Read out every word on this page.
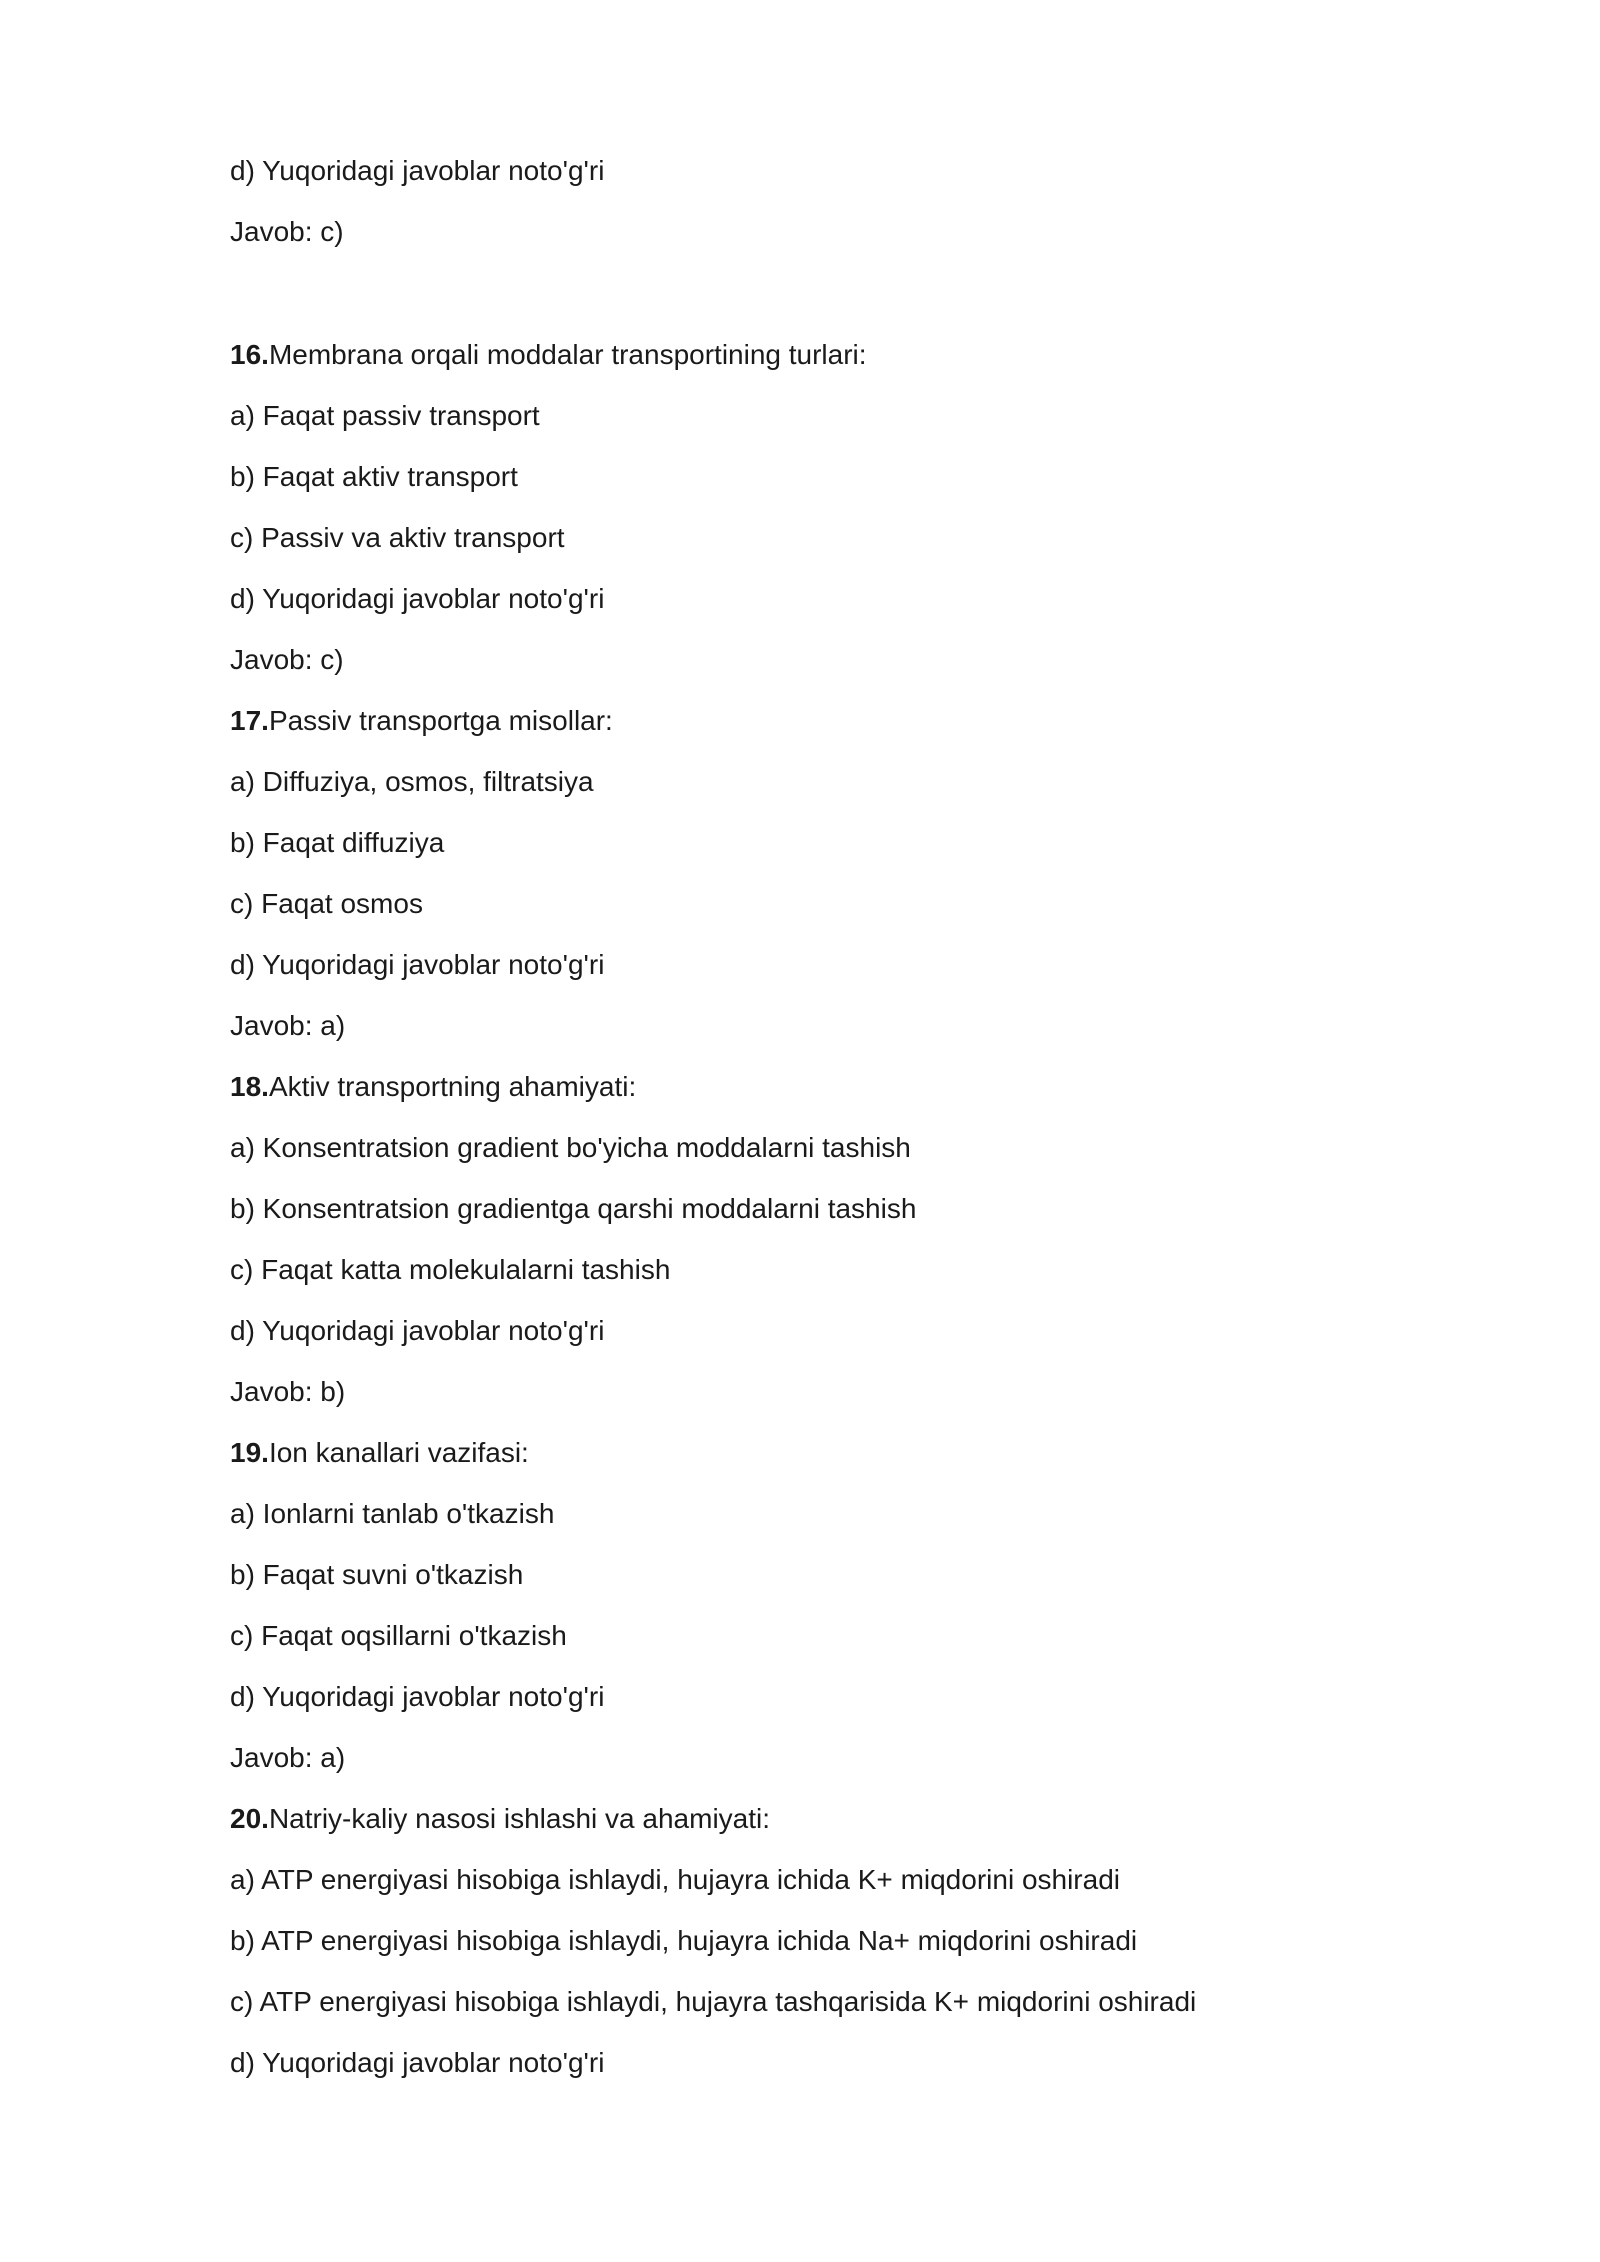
d) Yuqoridagi javoblar noto'g'ri
Javob: c)
16.Membrana orqali moddalar transportining turlari:
a) Faqat passiv transport
b) Faqat aktiv transport
c) Passiv va aktiv transport
d) Yuqoridagi javoblar noto'g'ri
Javob: c)
17.Passiv transportga misollar:
a) Diffuziya, osmos, filtratsiya
b) Faqat diffuziya
c) Faqat osmos
d) Yuqoridagi javoblar noto'g'ri
Javob: a)
18.Aktiv transportning ahamiyati:
a) Konsentratsion gradient bo'yicha moddalarni tashish
b) Konsentratsion gradientga qarshi moddalarni tashish
c) Faqat katta molekulalarni tashish
d) Yuqoridagi javoblar noto'g'ri
Javob: b)
19.Ion kanallari vazifasi:
a) Ionlarni tanlab o'tkazish
b) Faqat suvni o'tkazish
c) Faqat oqsillarni o'tkazish
d) Yuqoridagi javoblar noto'g'ri
Javob: a)
20.Natriy-kaliy nasosi ishlashi va ahamiyati:
a) ATP energiyasi hisobiga ishlaydi, hujayra ichida K+ miqdorini oshiradi
b) ATP energiyasi hisobiga ishlaydi, hujayra ichida Na+ miqdorini oshiradi
c) ATP energiyasi hisobiga ishlaydi, hujayra tashqarisida K+ miqdorini oshiradi
d) Yuqoridagi javoblar noto'g'ri
